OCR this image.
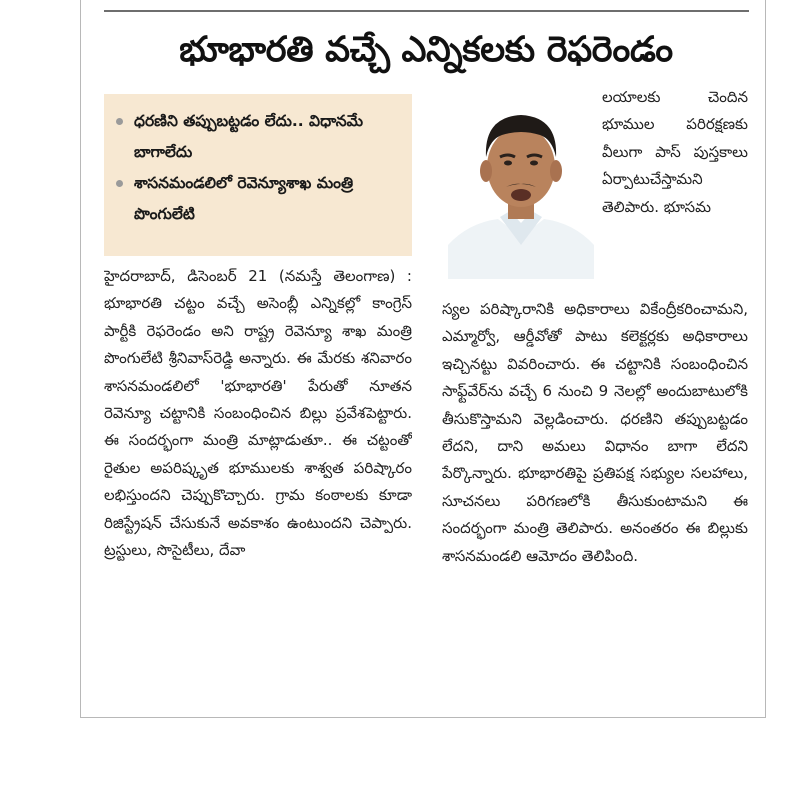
భూభారతి వచ్చే ఎన్నికలకు రెఫరెండం
ధరణిని తప్పుబట్టడం లేదు.. విధానమే బాగాలేదు
శాసనమండలిలో రెవెన్యూశాఖ మంత్రి పొంగులేటి

లయాలకు చెందిన భూముల పరిరక్షణకు వీలుగా పాస్ పుస్తకాలు ఏర్పాటుచేస్తామని తెలిపారు. భూసమ

హైదరాబాద్, డిసెంబర్ 21 (నమస్తే తెలంగాణ) : భూభారతి చట్టం వచ్చే అసెంబ్లీ ఎన్నికల్లో కాంగ్రెస్ పార్టీకి రెఫరెండం అని రాష్ట్ర రెవెన్యూ శాఖ మంత్రి పొంగులేటి శ్రీనివాస్‌రెడ్డి అన్నారు. ఈ మేరకు శనివారం శాసనమండలిలో 'భూభారతి' పేరుతో నూతన రెవెన్యూ చట్టానికి సంబంధించిన బిల్లు ప్రవేశపెట్టారు. ఈ సందర్భంగా మంత్రి మాట్లాడుతూ.. ఈ చట్టంతో రైతుల అపరిష్కృత భూములకు శాశ్వత పరిష్కారం లభిస్తుందని చెప్పుకొచ్చారు. గ్రామ కంఠాలకు కూడా రిజిస్ట్రేషన్ చేసుకునే అవకాశం ఉంటుందని చెప్పారు. ట్రస్టులు, సొసైటీలు, దేవా

స్యల పరిష్కారానికి అధికారాలు వికేంద్రీకరించామని, ఎమ్మార్వో, ఆర్డీవోతో పాటు కలెక్టర్లకు అధికారాలు ఇచ్చినట్టు వివరించారు. ఈ చట్టానికి సంబంధించిన సాఫ్ట్‌వేర్‌ను వచ్చే 6 నుంచి 9 నెలల్లో అందుబాటులోకి తీసుకొస్తామని వెల్లడించారు. ధరణిని తప్పుబట్టడం లేదని, దాని అమలు విధానం బాగా లేదని పేర్కొన్నారు. భూభారతిపై ప్రతిపక్ష సభ్యుల సలహాలు, సూచనలు పరిగణలోకి తీసుకుంటామని ఈ సందర్భంగా మంత్రి తెలిపారు. అనంతరం ఈ బిల్లుకు శాసనమండలి ఆమోదం తెలిపింది.
